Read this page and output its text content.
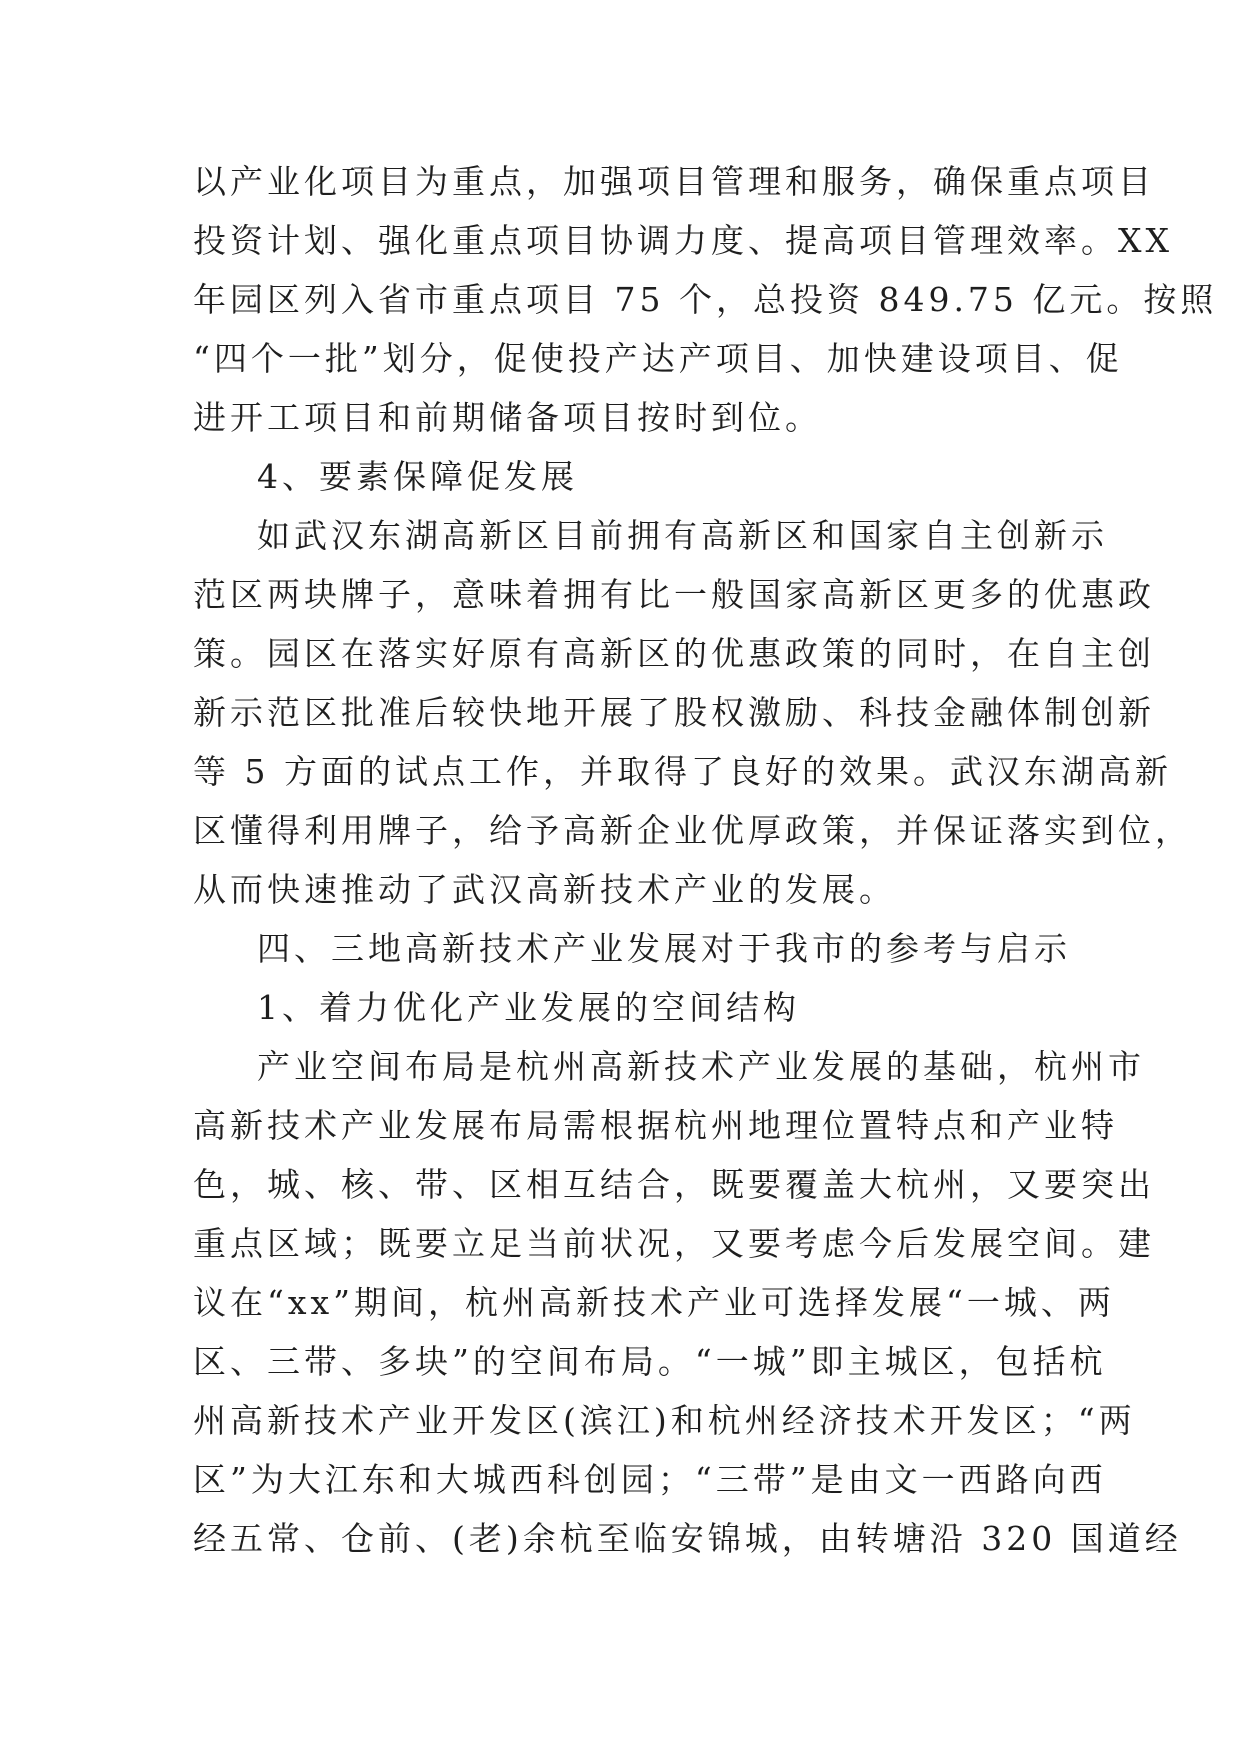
以产业化项目为重点，加强项目管理和服务，确保重点项目
投资计划、强化重点项目协调力度、提高项目管理效率。XX
年园区列入省市重点项目 75 个，总投资 849.75 亿元。按照
“四个一批”划分，促使投产达产项目、加快建设项目、促
进开工项目和前期储备项目按时到位。
4、要素保障促发展
如武汉东湖高新区目前拥有高新区和国家自主创新示
范区两块牌子，意味着拥有比一般国家高新区更多的优惠政
策。园区在落实好原有高新区的优惠政策的同时，在自主创
新示范区批准后较快地开展了股权激励、科技金融体制创新
等 5 方面的试点工作，并取得了良好的效果。武汉东湖高新
区懂得利用牌子，给予高新企业优厚政策，并保证落实到位，
从而快速推动了武汉高新技术产业的发展。
四、三地高新技术产业发展对于我市的参考与启示
1、着力优化产业发展的空间结构
产业空间布局是杭州高新技术产业发展的基础，杭州市
高新技术产业发展布局需根据杭州地理位置特点和产业特
色，城、核、带、区相互结合，既要覆盖大杭州，又要突出
重点区域；既要立足当前状况，又要考虑今后发展空间。建
议在“xx”期间，杭州高新技术产业可选择发展“一城、两
区、三带、多块”的空间布局。“一城”即主城区，包括杭
州高新技术产业开发区(滨江)和杭州经济技术开发区；“两
区”为大江东和大城西科创园；“三带”是由文一西路向西
经五常、仓前、(老)余杭至临安锦城，由转塘沿 320 国道经
